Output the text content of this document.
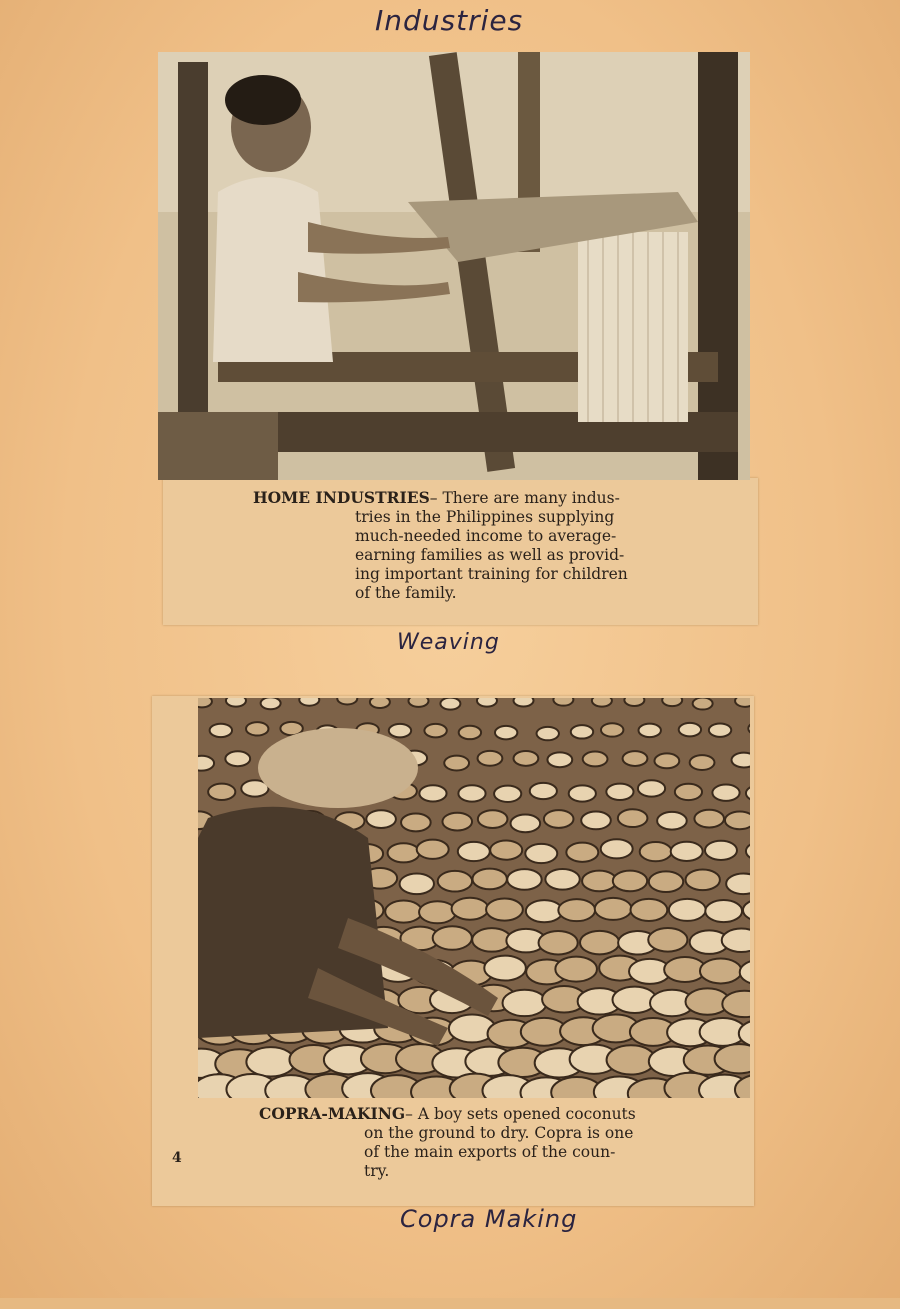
Industries
HOME INDUSTRIES– There are many indus-
tries in the Philippines supplying
much-needed income to average-
earning families as well as provid-
ing important training for children
of the family.
Weaving
COPRA-MAKING– A boy sets opened coconuts
on the ground to dry. Copra is one
of the main exports of the coun-
try.
4
Copra Making
